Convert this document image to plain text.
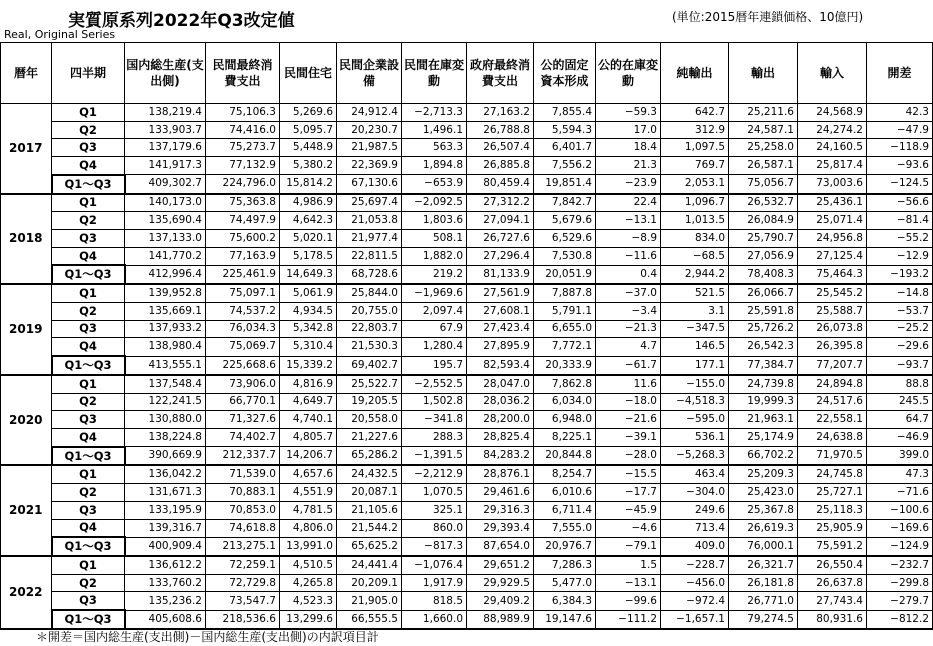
実質原系列2022年Q3改定値	(単位:2015暦年連鎖価格、10億円)
Real, Original Series
暦年	四半期	国内総生産(支出側)	民間最終消費支出	民間住宅	民間企業設備	民間在庫変動	政府最終消費支出	公的固定資本形成	公的在庫変動	純輸出	輸出	輸入	開差
2017	Q1	138,219.4	75,106.3	5,269.6	24,912.4	−2,713.3	27,163.2	7,855.4	−59.3	642.7	25,211.6	24,568.9	42.3
	Q2	133,903.7	74,416.0	5,095.7	20,230.7	1,496.1	26,788.8	5,594.3	17.0	312.9	24,587.1	24,274.2	−47.9
	Q3	137,179.6	75,273.7	5,448.9	21,987.5	563.3	26,507.4	6,401.7	18.4	1,097.5	25,258.0	24,160.5	−118.9
	Q4	141,917.3	77,132.9	5,380.2	22,369.9	1,894.8	26,885.8	7,556.2	21.3	769.7	26,587.1	25,817.4	−93.6
	Q1～Q3	409,302.7	224,796.0	15,814.2	67,130.6	−653.9	80,459.4	19,851.4	−23.9	2,053.1	75,056.7	73,003.6	−124.5
2018	Q1	140,173.0	75,363.8	4,986.9	25,697.4	−2,092.5	27,312.2	7,842.7	22.4	1,096.7	26,532.7	25,436.1	−56.6
	Q2	135,690.4	74,497.9	4,642.3	21,053.8	1,803.6	27,094.1	5,679.6	−13.1	1,013.5	26,084.9	25,071.4	−81.4
	Q3	137,133.0	75,600.2	5,020.1	21,977.4	508.1	26,727.6	6,529.6	−8.9	834.0	25,790.7	24,956.8	−55.2
	Q4	141,770.2	77,163.9	5,178.5	22,811.5	1,882.0	27,296.4	7,530.8	−11.6	−68.5	27,056.9	27,125.4	−12.9
	Q1～Q3	412,996.4	225,461.9	14,649.3	68,728.6	219.2	81,133.9	20,051.9	0.4	2,944.2	78,408.3	75,464.3	−193.2
2019	Q1	139,952.8	75,097.1	5,061.9	25,844.0	−1,969.6	27,561.9	7,887.8	−37.0	521.5	26,066.7	25,545.2	−14.8
	Q2	135,669.1	74,537.2	4,934.5	20,755.0	2,097.4	27,608.1	5,791.1	−3.4	3.1	25,591.8	25,588.7	−53.7
	Q3	137,933.2	76,034.3	5,342.8	22,803.7	67.9	27,423.4	6,655.0	−21.3	−347.5	25,726.2	26,073.8	−25.2
	Q4	138,980.4	75,069.7	5,310.4	21,530.3	1,280.4	27,895.9	7,772.1	4.7	146.5	26,542.3	26,395.8	−29.6
	Q1～Q3	413,555.1	225,668.6	15,339.2	69,402.7	195.7	82,593.4	20,333.9	−61.7	177.1	77,384.7	77,207.7	−93.7
2020	Q1	137,548.4	73,906.0	4,816.9	25,522.7	−2,552.5	28,047.0	7,862.8	11.6	−155.0	24,739.8	24,894.8	88.8
	Q2	122,241.5	66,770.1	4,649.7	19,205.5	1,502.8	28,036.2	6,034.0	−18.0	−4,518.3	19,999.3	24,517.6	245.5
	Q3	130,880.0	71,327.6	4,740.1	20,558.0	−341.8	28,200.0	6,948.0	−21.6	−595.0	21,963.1	22,558.1	64.7
	Q4	138,224.8	74,402.7	4,805.7	21,227.6	288.3	28,825.4	8,225.1	−39.1	536.1	25,174.9	24,638.8	−46.9
	Q1～Q3	390,669.9	212,337.7	14,206.7	65,286.2	−1,391.5	84,283.2	20,844.8	−28.0	−5,268.3	66,702.2	71,970.5	399.0
2021	Q1	136,042.2	71,539.0	4,657.6	24,432.5	−2,212.9	28,876.1	8,254.7	−15.5	463.4	25,209.3	24,745.8	47.3
	Q2	131,671.3	70,883.1	4,551.9	20,087.1	1,070.5	29,461.6	6,010.6	−17.7	−304.0	25,423.0	25,727.1	−71.6
	Q3	133,195.9	70,853.0	4,781.5	21,105.6	325.1	29,316.3	6,711.4	−45.9	249.6	25,367.8	25,118.3	−100.6
	Q4	139,316.7	74,618.8	4,806.0	21,544.2	860.0	29,393.4	7,555.0	−4.6	713.4	26,619.3	25,905.9	−169.6
	Q1～Q3	400,909.4	213,275.1	13,991.0	65,625.2	−817.3	87,654.0	20,976.7	−79.1	409.0	76,000.1	75,591.2	−124.9
2022	Q1	136,612.2	72,259.1	4,510.5	24,441.4	−1,076.4	29,651.2	7,286.3	1.5	−228.7	26,321.7	26,550.4	−232.7
	Q2	133,760.2	72,729.8	4,265.8	20,209.1	1,917.9	29,929.5	5,477.0	−13.1	−456.0	26,181.8	26,637.8	−299.8
	Q3	135,236.2	73,547.7	4,523.3	21,905.0	818.5	29,409.2	6,384.3	−99.6	−972.4	26,771.0	27,743.4	−279.7
	Q1～Q3	405,608.6	218,536.6	13,299.6	66,555.5	1,660.0	88,989.9	19,147.6	−111.2	−1,657.1	79,274.5	80,931.6	−812.2
＊開差＝国内総生産(支出側)－国内総生産(支出側)の内訳項目計
